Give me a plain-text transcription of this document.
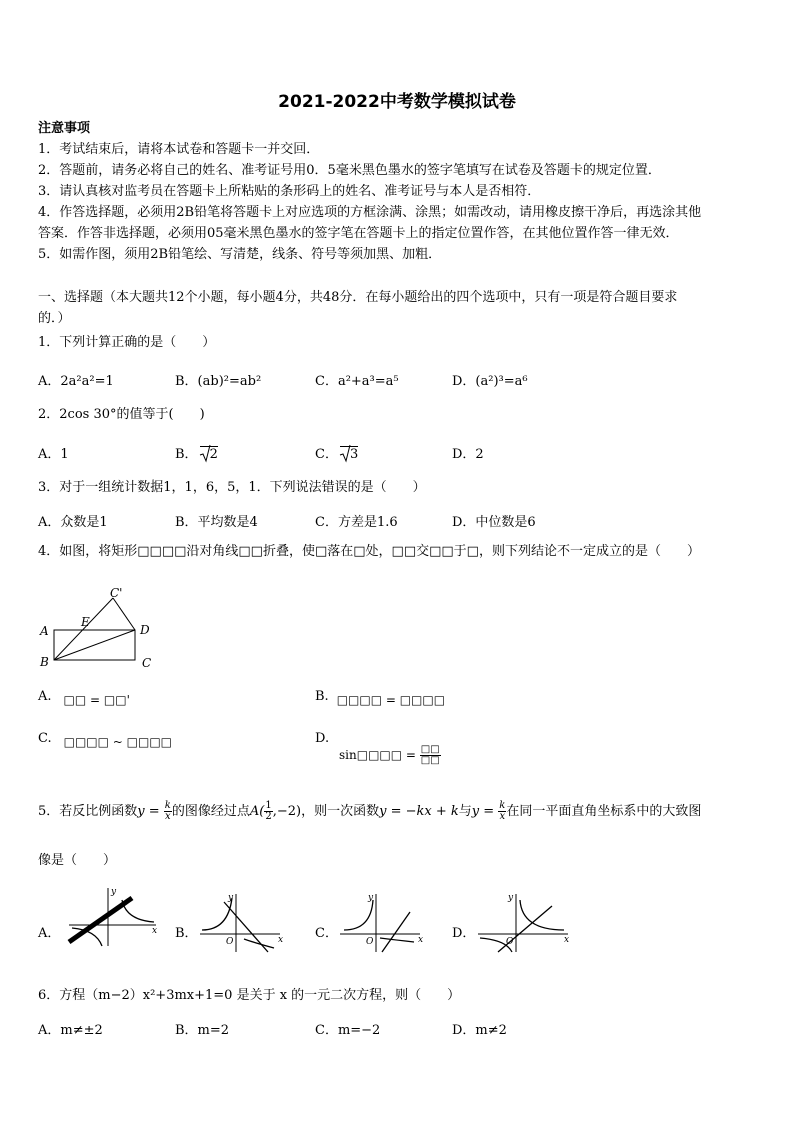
2021-2022中考数学模拟试卷
注意事项
1．考试结束后，请将本试卷和答题卡一并交回．
2．答题前，请务必将自己的姓名、准考证号用0．5毫米黑色墨水的签字笔填写在试卷及答题卡的规定位置．
3．请认真核对监考员在答题卡上所粘贴的条形码上的姓名、准考证号与本人是否相符．
4．作答选择题，必须用2B铅笔将答题卡上对应选项的方框涂满、涂黑；如需改动，请用橡皮擦干净后，再选涂其他
答案．作答非选择题，必须用05毫米黑色墨水的签字笔在答题卡上的指定位置作答，在其他位置作答一律无效．
5．如需作图，须用2B铅笔绘、写清楚，线条、符号等须加黑、加粗．
一、选择题（本大题共12个小题，每小题4分，共48分．在每小题给出的四个选项中，只有一项是符合题目要求
的．）
1．下列计算正确的是（　　）
A．2a²a²=1	B．(ab)²=ab²	C．a²+a³=a⁵	D．(a²)³=a⁶
2．2cos 30°的值等于(　　)
A．1	B． 2	C． 3	D．2
3．对于一组统计数据1，1，6，5，1．下列说法错误的是（　　）
A．众数是1	B．平均数是4	C．方差是1.6	D．中位数是6
4．如图，将矩形□□□□沿对角线□□折叠，使□落在□处，□□交□□于□，则下列结论不一定成立的是（　　）
A
B	C
D
E
C'
A. □□ = □□'	B. □□□□ = □□□□
C. □□□□ ~ □□□□	D.
sin□□□□ = $\frac{□□}{□□}$
5．若反比例函数$y = \frac{k}{x}$ 的图像经过点$A( \frac{1}{2} ,-2)$，则一次函数y = −kx + k与$y = \frac{k}{x}$ 在同一平面直角坐标系中的大致图
像是（　　）
A．	x
y
B．	x
y
O
C．	x
y
O
D．	x
y
O
6．方程（m−2）x²+3mx+1=0 是关于 x 的一元二次方程，则（　　）
A．m≠±2	B．m=2	C．m=−2	D．m≠2
